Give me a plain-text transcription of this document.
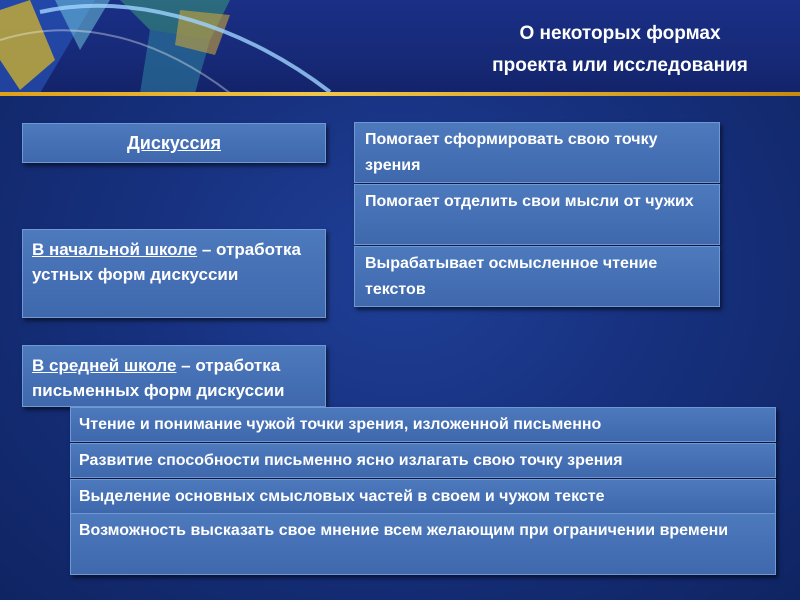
О некоторых формах
проекта или исследования
Дискуссия
В начальной школе – отработка устных форм дискуссии
В средней школе – отработка письменных форм дискуссии
Помогает сформировать свою точку зрения
Помогает отделить свои мысли от чужих
Вырабатывает осмысленное чтение текстов
Чтение и понимание чужой точки зрения, изложенной письменно
Развитие способности письменно ясно излагать свою точку зрения
Выделение основных смысловых частей в своем и чужом тексте
Возможность высказать свое мнение всем желающим при ограничении времени
